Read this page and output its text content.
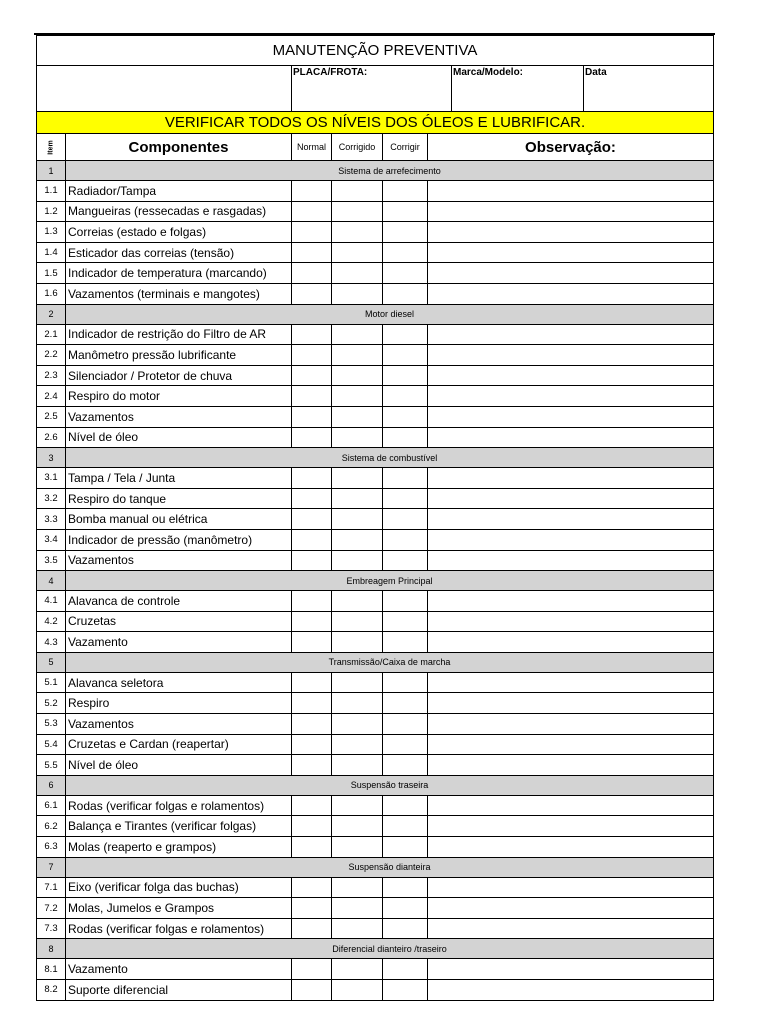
MANUTENÇÃO PREVENTIVA							
		PLACA/FROTA:				Marca/Modelo:	Data
VERIFICAR TODOS OS NÍVEIS DOS ÓLEOS E LUBRIFICAR.							
Item	Componentes	Normal	Corrigido	Corrigir	Observação:		
1	Sistema de arrefecimento						
1.1	Radiador/Tampa						
1.2	Mangueiras (ressecadas e rasgadas)						
1.3	Correias (estado e folgas)						
1.4	Esticador das correias (tensão)						
1.5	Indicador de temperatura (marcando)						
1.6	Vazamentos (terminais e mangotes)						
2	Motor diesel						
2.1	Indicador de restrição do Filtro de AR						
2.2	Manômetro pressão lubrificante						
2.3	Silenciador / Protetor de chuva						
2.4	Respiro do motor						
2.5	Vazamentos						
2.6	Nível de óleo						
3	Sistema de combustível						
3.1	Tampa / Tela / Junta						
3.2	Respiro do tanque						
3.3	Bomba manual ou elétrica						
3.4	Indicador de pressão (manômetro)						
3.5	Vazamentos						
4	Embreagem Principal						
4.1	Alavanca de controle						
4.2	Cruzetas						
4.3	Vazamento						
5	Transmissão/Caixa de marcha						
5.1	Alavanca seletora						
5.2	Respiro						
5.3	Vazamentos						
5.4	Cruzetas e Cardan (reapertar)						
5.5	Nível de óleo						
6	Suspensão traseira						
6.1	Rodas (verificar folgas e rolamentos)						
6.2	Balança e Tirantes (verificar folgas)						
6.3	Molas (reaperto e grampos)						
7	Suspensão dianteira						
7.1	Eixo (verificar folga das buchas)						
7.2	Molas, Jumelos e Grampos						
7.3	Rodas (verificar folgas e rolamentos)						
8	Diferencial dianteiro /traseiro						
8.1	Vazamento						
8.2	Suporte diferencial						
